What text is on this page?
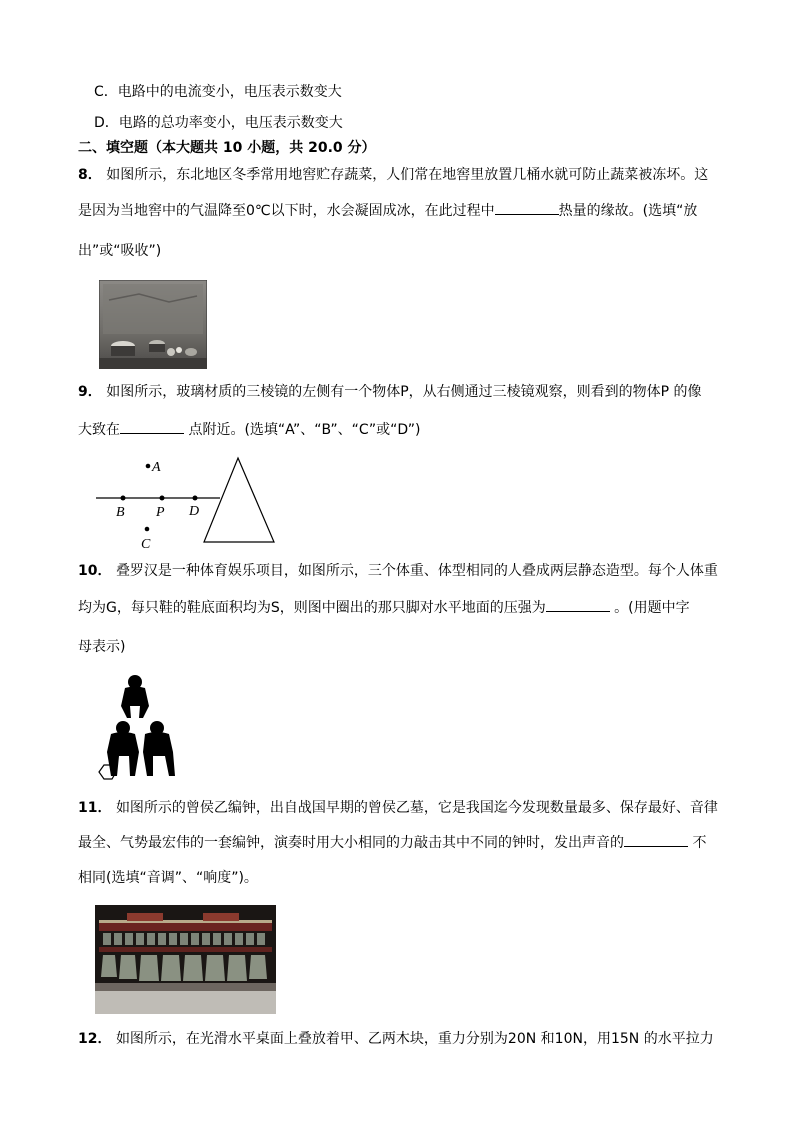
C．电路中的电流变小，电压表示数变大
D．电路的总功率变小，电压表示数变大
二、填空题（本大题共 10 小题，共 20.0 分）
8． 如图所示，东北地区冬季常用地窖贮存蔬菜，人们常在地窖里放置几桶水就可防止蔬菜被冻坏。这
是因为当地窖中的气温降至0℃以下时，水会凝固成冰，在此过程中	热量的缘故。(选填“放
出”或“吸收”)
9． 如图所示，玻璃材质的三棱镜的左侧有一个物体P，从右侧通过三棱镜观察，则看到的物体P 的像
大致在	点附近。(选填“A”、“B”、“C”或“D”)
A
B P D
C
10． 叠罗汉是一种体育娱乐项目，如图所示，三个体重、体型相同的人叠成两层静态造型。每个人体重
均为G，每只鞋的鞋底面积均为S，则图中圈出的那只脚对水平地面的压强为	。(用题中字
母表示)
11． 如图所示的曾侯乙编钟，出自战国早期的曾侯乙墓，它是我国迄今发现数量最多、保存最好、音律
最全、气势最宏伟的一套编钟，演奏时用大小相同的力敲击其中不同的钟时，发出声音的	不
相同(选填“音调”、“响度”)。
12． 如图所示，在光滑水平桌面上叠放着甲、乙两木块，重力分别为20N 和10N，用15N 的水平拉力
